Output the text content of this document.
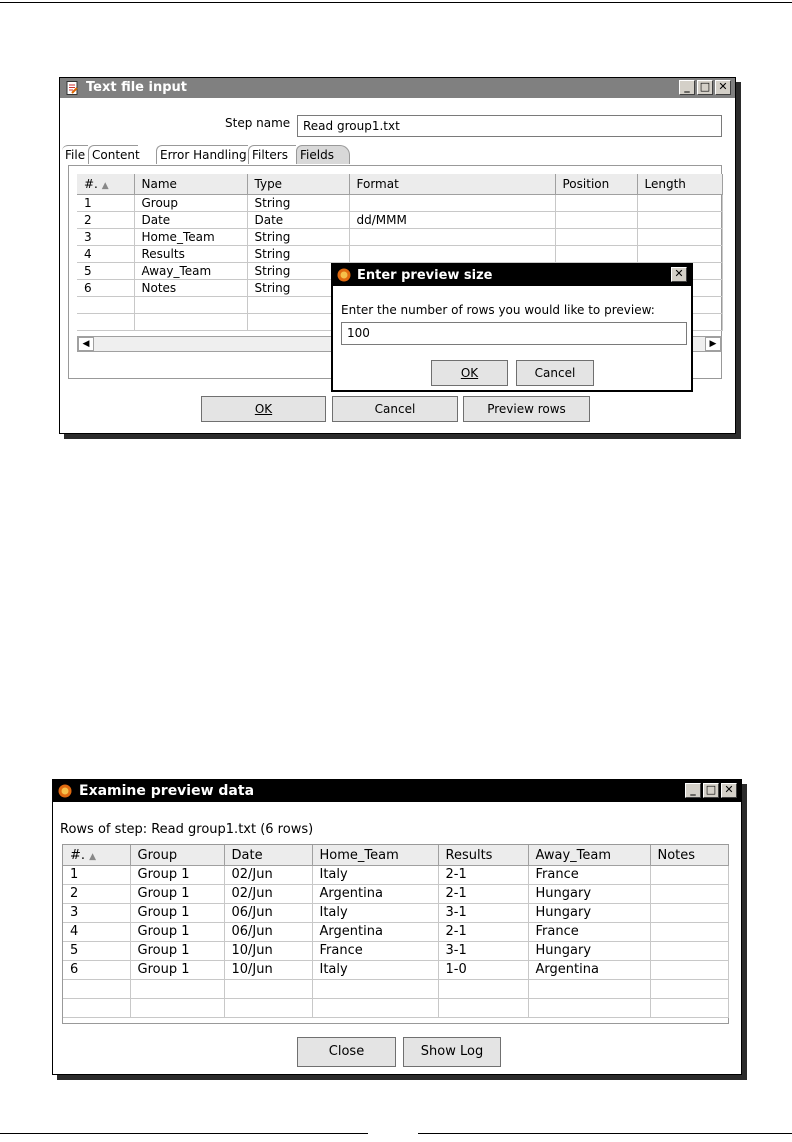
Text file input	_ □ ✕
Step name	Read group1.txt
File Content	Error Handling Filters	Fields
#. ▲	Name	Type	Format	Position	Length
1	Group	String			
2	Date	Date	dd/MMM		
3	Home_Team	String			
4	Results	String			
5	Away_Team	String			
6	Notes	String			

◀	▶
OK	Cancel	Preview rows
Enter preview size	✕
Enter the number of rows you would like to preview:
100
OK	Cancel
Examine preview data	_ □ ✕
Rows of step: Read group1.txt (6 rows)
#. ▲	Group	Date	Home_Team	Results	Away_Team	Notes
1	Group 1	02/Jun	Italy	2-1	France	
2	Group 1	02/Jun	Argentina	2-1	Hungary	
3	Group 1	06/Jun	Italy	3-1	Hungary	
4	Group 1	06/Jun	Argentina	2-1	France	
5	Group 1	10/Jun	France	3-1	Hungary	
6	Group 1	10/Jun	Italy	1-0	Argentina	

Close	Show Log
